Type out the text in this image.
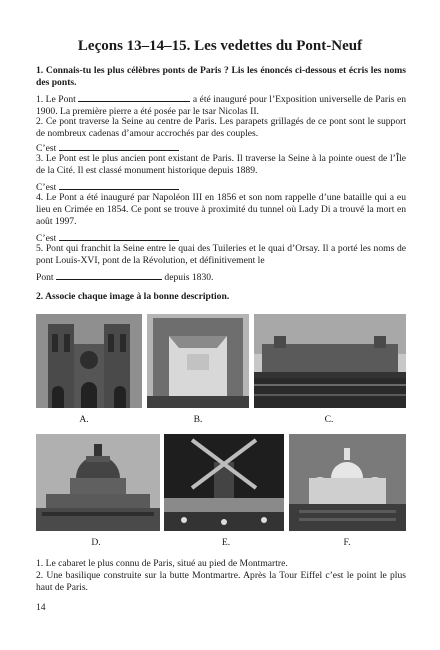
Leçons 13–14–15. Les vedettes du Pont-Neuf

1. Connais-tu les plus célèbres ponts de Paris ? Lis les énoncés ci-dessous et écris les noms des ponts.

1. Le Pont	a été inauguré pour l’Exposition universelle de Paris en 1900. La première pierre a été posée par le tsar Nicolas II.

2. Ce pont traverse la Seine au centre de Paris. Les parapets grillagés de ce pont sont le support de nombreux cadenas d’amour accrochés par des couples.

C’est

3. Le Pont est le plus ancien pont existant de Paris. Il traverse la Seine à la pointe ouest de l’Île de la Cité. Il est classé monument historique depuis 1889.

C’est

4. Le Pont a été inauguré par Napoléon III en 1856 et son nom rappelle d’une bataille qui a eu lieu en Crimée en 1854. Ce pont se trouve à proximité du tunnel où Lady Di a trouvé la mort en août 1997.

C’est

5. Pont qui franchit la Seine entre le quai des Tuileries et le quai d’Orsay. Il a porté les noms de pont Louis-XVI, pont de la Révolution, et définitivement le

Pont	depuis 1830.

2. Associe chaque image à la bonne description.

A.	B.	C.
D.	E.	F.

1. Le cabaret le plus connu de Paris, situé au pied de Montmartre.

2. Une basilique construite sur la butte Montmartre. Après la Tour Eiffel c’est le point le plus haut de Paris.

14
